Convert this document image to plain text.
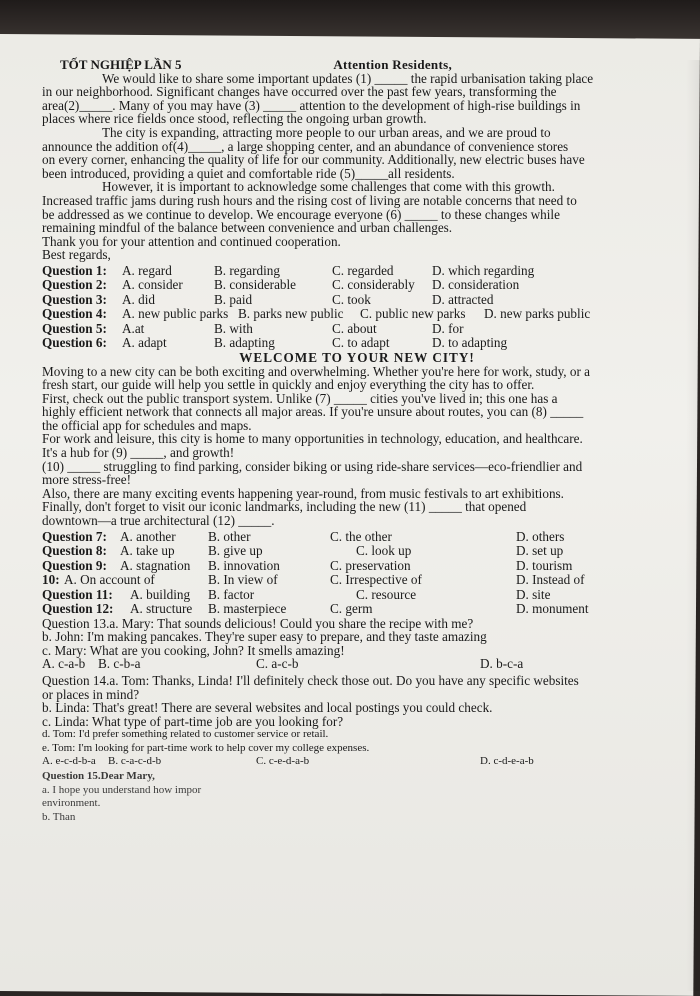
TỐT NGHIỆP LẦN 5	Attention Residents,

We would like to share some important updates (1) _____ the rapid urbanisation taking place

in our neighborhood. Significant changes have occurred over the past few years, transforming the

area(2)_____. Many of you may have (3) _____ attention to the development of high-rise buildings in

places where rice fields once stood, reflecting the ongoing urban growth.

The city is expanding, attracting more people to our urban areas, and we are proud to

announce the addition of(4)_____, a large shopping center, and an abundance of convenience stores

on every corner, enhancing the quality of life for our community. Additionally, new electric buses have

been introduced, providing a quiet and comfortable ride (5)_____all residents.

However, it is important to acknowledge some challenges that come with this growth.

Increased traffic jams during rush hours and the rising cost of living are notable concerns that need to

be addressed as we continue to develop. We encourage everyone (6) _____ to these changes while

remaining mindful of the balance between convenience and urban challenges.

Thank you for your attention and continued cooperation.

Best regards,

Question 1: A. regard	B. regarding	C. regarded	D. which regarding
Question 2: A. consider B. considerable	C. considerably D. consideration
Question 3: A. did	B. paid	C. took	D. attracted
Question 4: A. new public parks B. parks new public C. public new parks D. new parks public
Question 5: A.at	B. with	C. about	D. for
Question 6: A. adapt	B. adapting	C. to adapt	D. to adapting

WELCOME TO YOUR NEW CITY!

Moving to a new city can be both exciting and overwhelming. Whether you're here for work, study, or a

fresh start, our guide will help you settle in quickly and enjoy everything the city has to offer.

First, check out the public transport system. Unlike (7) _____ cities you've lived in; this one has a

highly efficient network that connects all major areas. If you're unsure about routes, you can (8) _____

the official app for schedules and maps.

For work and leisure, this city is home to many opportunities in technology, education, and healthcare.

It's a hub for (9) _____, and growth!

(10) _____ struggling to find parking, consider biking or using ride-share services—eco-friendlier and

more stress-free!

Also, there are many exciting events happening year-round, from music festivals to art exhibitions.

Finally, don't forget to visit our iconic landmarks, including the new (11) _____ that opened

downtown—a true architectural (12) _____.

Question 7: A. another B. other	C. the other	D. others
Question 8: A. take up	B. give up	C. look up	D. set up
Question 9: A. stagnation B. innovation	C. preservation	D. tourism
10: A. On account of	B. In view of	C. Irrespective of	D. Instead of
Question 11: A. building B. factor	C. resource	D. site
Question 12: A. structure B. masterpiece	C. germ	D. monument

Question 13.a. Mary: That sounds delicious! Could you share the recipe with me?

b. John: I'm making pancakes. They're super easy to prepare, and they taste amazing

c. Mary: What are you cooking, John? It smells amazing!

A. c-a-b B. c-b-a	C. a-c-b	D. b-c-a

Question 14.a. Tom: Thanks, Linda! I'll definitely check those out. Do you have any specific websites

or places in mind?

b. Linda: That's great! There are several websites and local postings you could check.

c. Linda: What type of part-time job are you looking for?

d. Tom: I'd prefer something related to customer service or retail.

e. Tom: I'm looking for part-time work to help cover my college expenses.

A. e-c-d-b-a B. c-a-c-d-b	C. c-e-d-a-b	D. c-d-e-a-b

Question 15.Dear Mary,

a. I hope you understand how impor

environment.

b. Than
